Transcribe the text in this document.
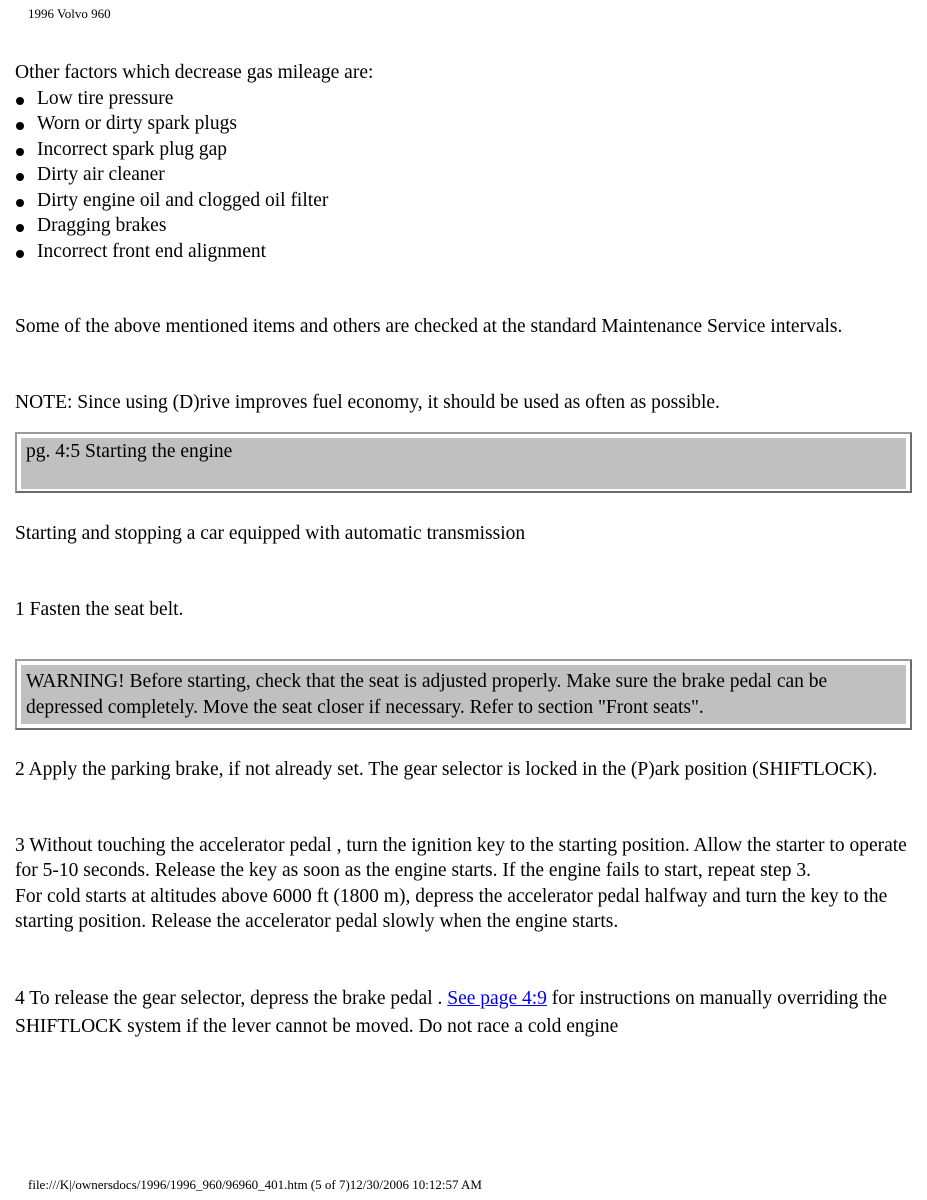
1996 Volvo 960

Other factors which decrease gas mileage are:

Low tire pressure
Worn or dirty spark plugs
Incorrect spark plug gap
Dirty air cleaner
Dirty engine oil and clogged oil filter
Dragging brakes
Incorrect front end alignment

Some of the above mentioned items and others are checked at the standard Maintenance Service intervals.

NOTE: Since using (D)rive improves fuel economy, it should be used as often as possible.

pg. 4:5 Starting the engine

Starting and stopping a car equipped with automatic transmission

1 Fasten the seat belt.

WARNING! Before starting, check that the seat is adjusted properly. Make sure the brake pedal can be depressed completely. Move the seat closer if necessary. Refer to section "Front seats".

2 Apply the parking brake, if not already set. The gear selector is locked in the (P)ark position (SHIFTLOCK).

3 Without touching the accelerator pedal , turn the ignition key to the starting position. Allow the starter to operate for 5-10 seconds. Release the key as soon as the engine starts. If the engine fails to start, repeat step 3.

For cold starts at altitudes above 6000 ft (1800 m), depress the accelerator pedal halfway and turn the key to the starting position. Release the accelerator pedal slowly when the engine starts.

4 To release the gear selector, depress the brake pedal . See page 4:9 for instructions on manually overriding the SHIFTLOCK system if the lever cannot be moved. Do not race a cold engine

file:///K|/ownersdocs/1996/1996_960/96960_401.htm (5 of 7)12/30/2006 10:12:57 AM
